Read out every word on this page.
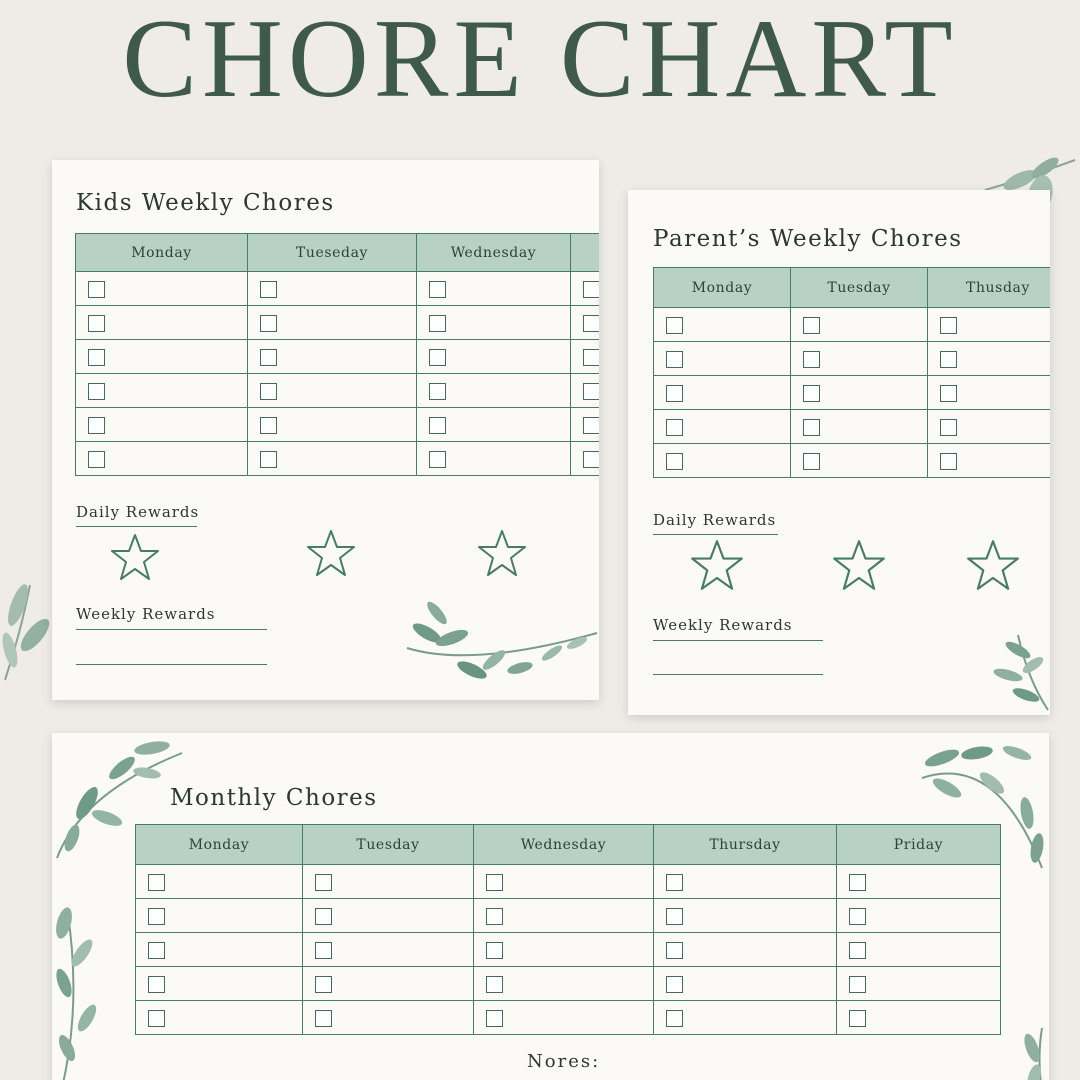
CHORE CHART
Kids Weekly Chores
Monday	Tueseday	Wednesday	

Daily Rewards
Weekly Rewards
Parent’s Weekly Chores
Monday	Tuesday	Thusday

Daily Rewards
Weekly Rewards
Monthly Chores
Monday	Tuesday	Wednesday	Thursday	Priday

Nores:
